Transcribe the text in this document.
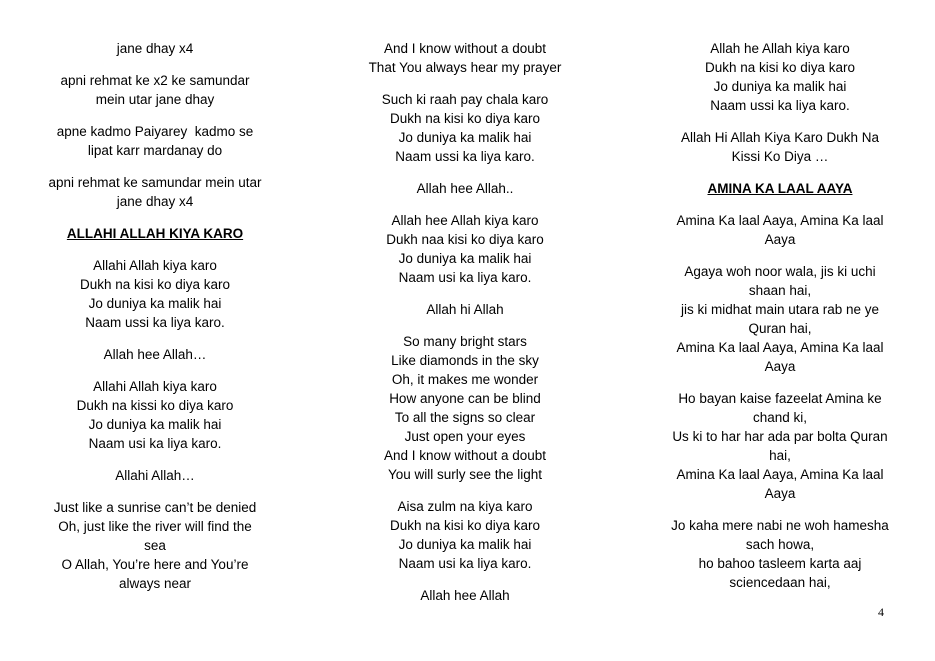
jane dhay x4
apni rehmat ke x2 ke samundar
mein utar jane dhay
apne kadmo Paiyarey  kadmo se
lipat karr mardanay do
apni rehmat ke samundar mein utar
jane dhay x4
ALLAHI ALLAH KIYA KARO
Allahi Allah kiya karo
Dukh na kisi ko diya karo
Jo duniya ka malik hai
Naam ussi ka liya karo.
Allah hee Allah…
Allahi Allah kiya karo
Dukh na kissi ko diya karo
Jo duniya ka malik hai
Naam usi ka liya karo.
Allahi Allah…
Just like a sunrise can’t be denied
Oh, just like the river will find the
sea
O Allah, You’re here and You’re
always near
And I know without a doubt
That You always hear my prayer
Such ki raah pay chala karo
Dukh na kisi ko diya karo
Jo duniya ka malik hai
Naam ussi ka liya karo.
Allah hee Allah..
Allah hee Allah kiya karo
Dukh naa kisi ko diya karo
Jo duniya ka malik hai
Naam usi ka liya karo.
Allah hi Allah
So many bright stars
Like diamonds in the sky
Oh, it makes me wonder
How anyone can be blind
To all the signs so clear
Just open your eyes
And I know without a doubt
You will surly see the light
Aisa zulm na kiya karo
Dukh na kisi ko diya karo
Jo duniya ka malik hai
Naam usi ka liya karo.
Allah hee Allah
Allah he Allah kiya karo
Dukh na kisi ko diya karo
Jo duniya ka malik hai
Naam ussi ka liya karo.
Allah Hi Allah Kiya Karo Dukh Na
Kissi Ko Diya …
AMINA KA LAAL AAYA
Amina Ka laal Aaya, Amina Ka laal
Aaya
Agaya woh noor wala, jis ki uchi
shaan hai,
jis ki midhat main utara rab ne ye
Quran hai,
Amina Ka laal Aaya, Amina Ka laal
Aaya
Ho bayan kaise fazeelat Amina ke
chand ki,
Us ki to har har ada par bolta Quran
hai,
Amina Ka laal Aaya, Amina Ka laal
Aaya
Jo kaha mere nabi ne woh hamesha
sach howa,
ho bahoo tasleem karta aaj
sciencedaan hai,
4
